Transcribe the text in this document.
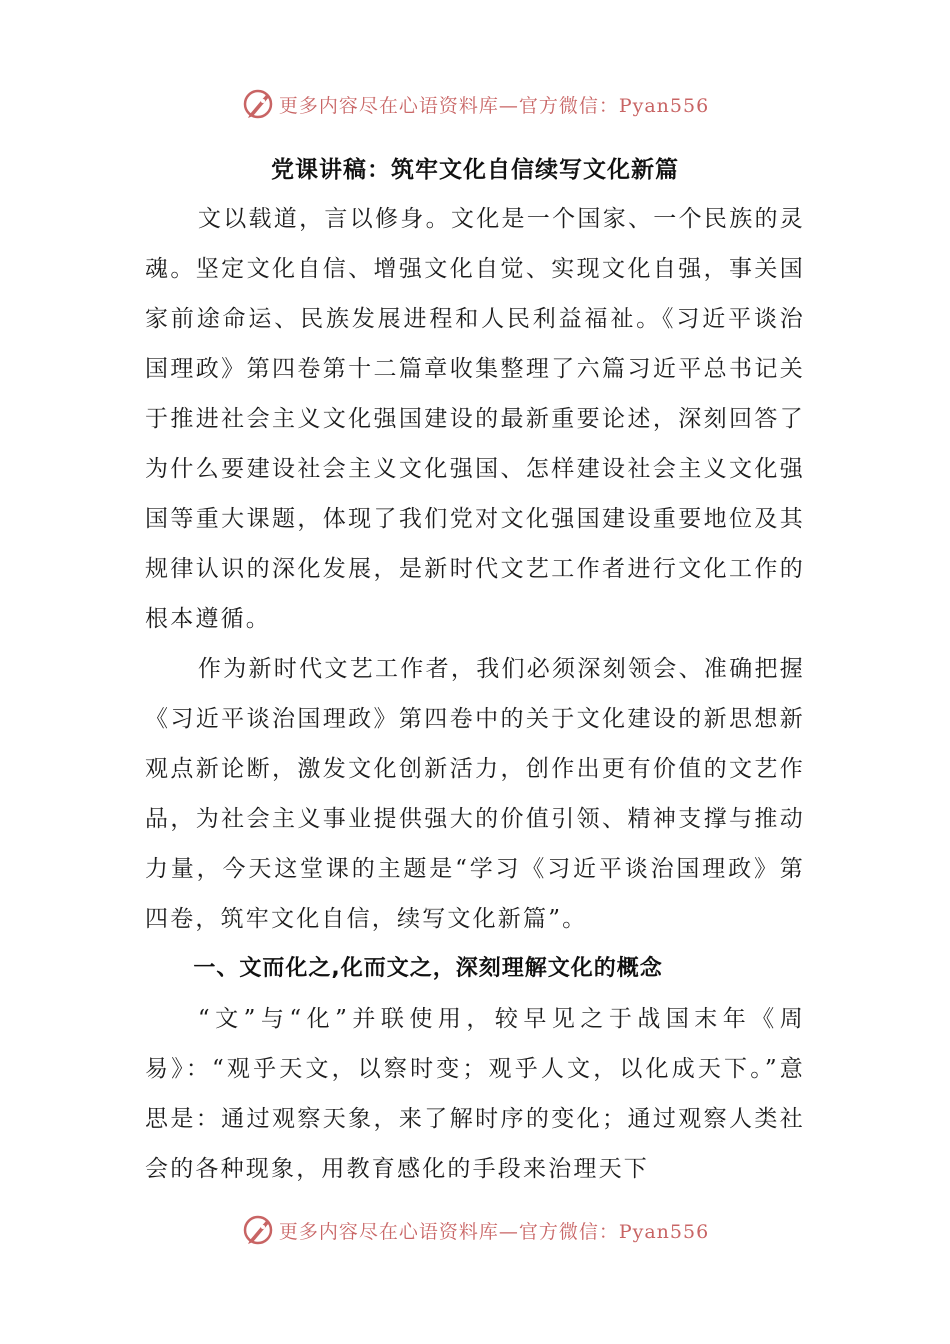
更多内容尽在心语资料库—官方微信：Pyan556
党课讲稿：筑牢文化自信续写文化新篇

文以载道，言以修身。文化是一个国家、一个民族的灵魂。坚定文化自信、增强文化自觉、实现文化自强，事关国家前途命运、民族发展进程和人民利益福祉。《习近平谈治国理政》第四卷第十二篇章收集整理了六篇习近平总书记关于推进社会主义文化强国建设的最新重要论述，深刻回答了为什么要建设社会主义文化强国、怎样建设社会主义文化强国等重大课题，体现了我们党对文化强国建设重要地位及其规律认识的深化发展，是新时代文艺工作者进行文化工作的根本遵循。

作为新时代文艺工作者，我们必须深刻领会、准确把握《习近平谈治国理政》第四卷中的关于文化建设的新思想新观点新论断，激发文化创新活力，创作出更有价值的文艺作品，为社会主义事业提供强大的价值引领、精神支撑与推动力量，今天这堂课的主题是“学习《习近平谈治国理政》第四卷，筑牢文化自信，续写文化新篇”。

一、文而化之,化而文之，深刻理解文化的概念

“文”与“化”并联使用，较早见之于战国末年《周易》：“观乎天文，以察时变；观乎人文，以化成天下。”意思是：通过观察天象，来了解时序的变化；通过观察人类社会的各种现象，用教育感化的手段来治理天下

更多内容尽在心语资料库—官方微信：Pyan556
